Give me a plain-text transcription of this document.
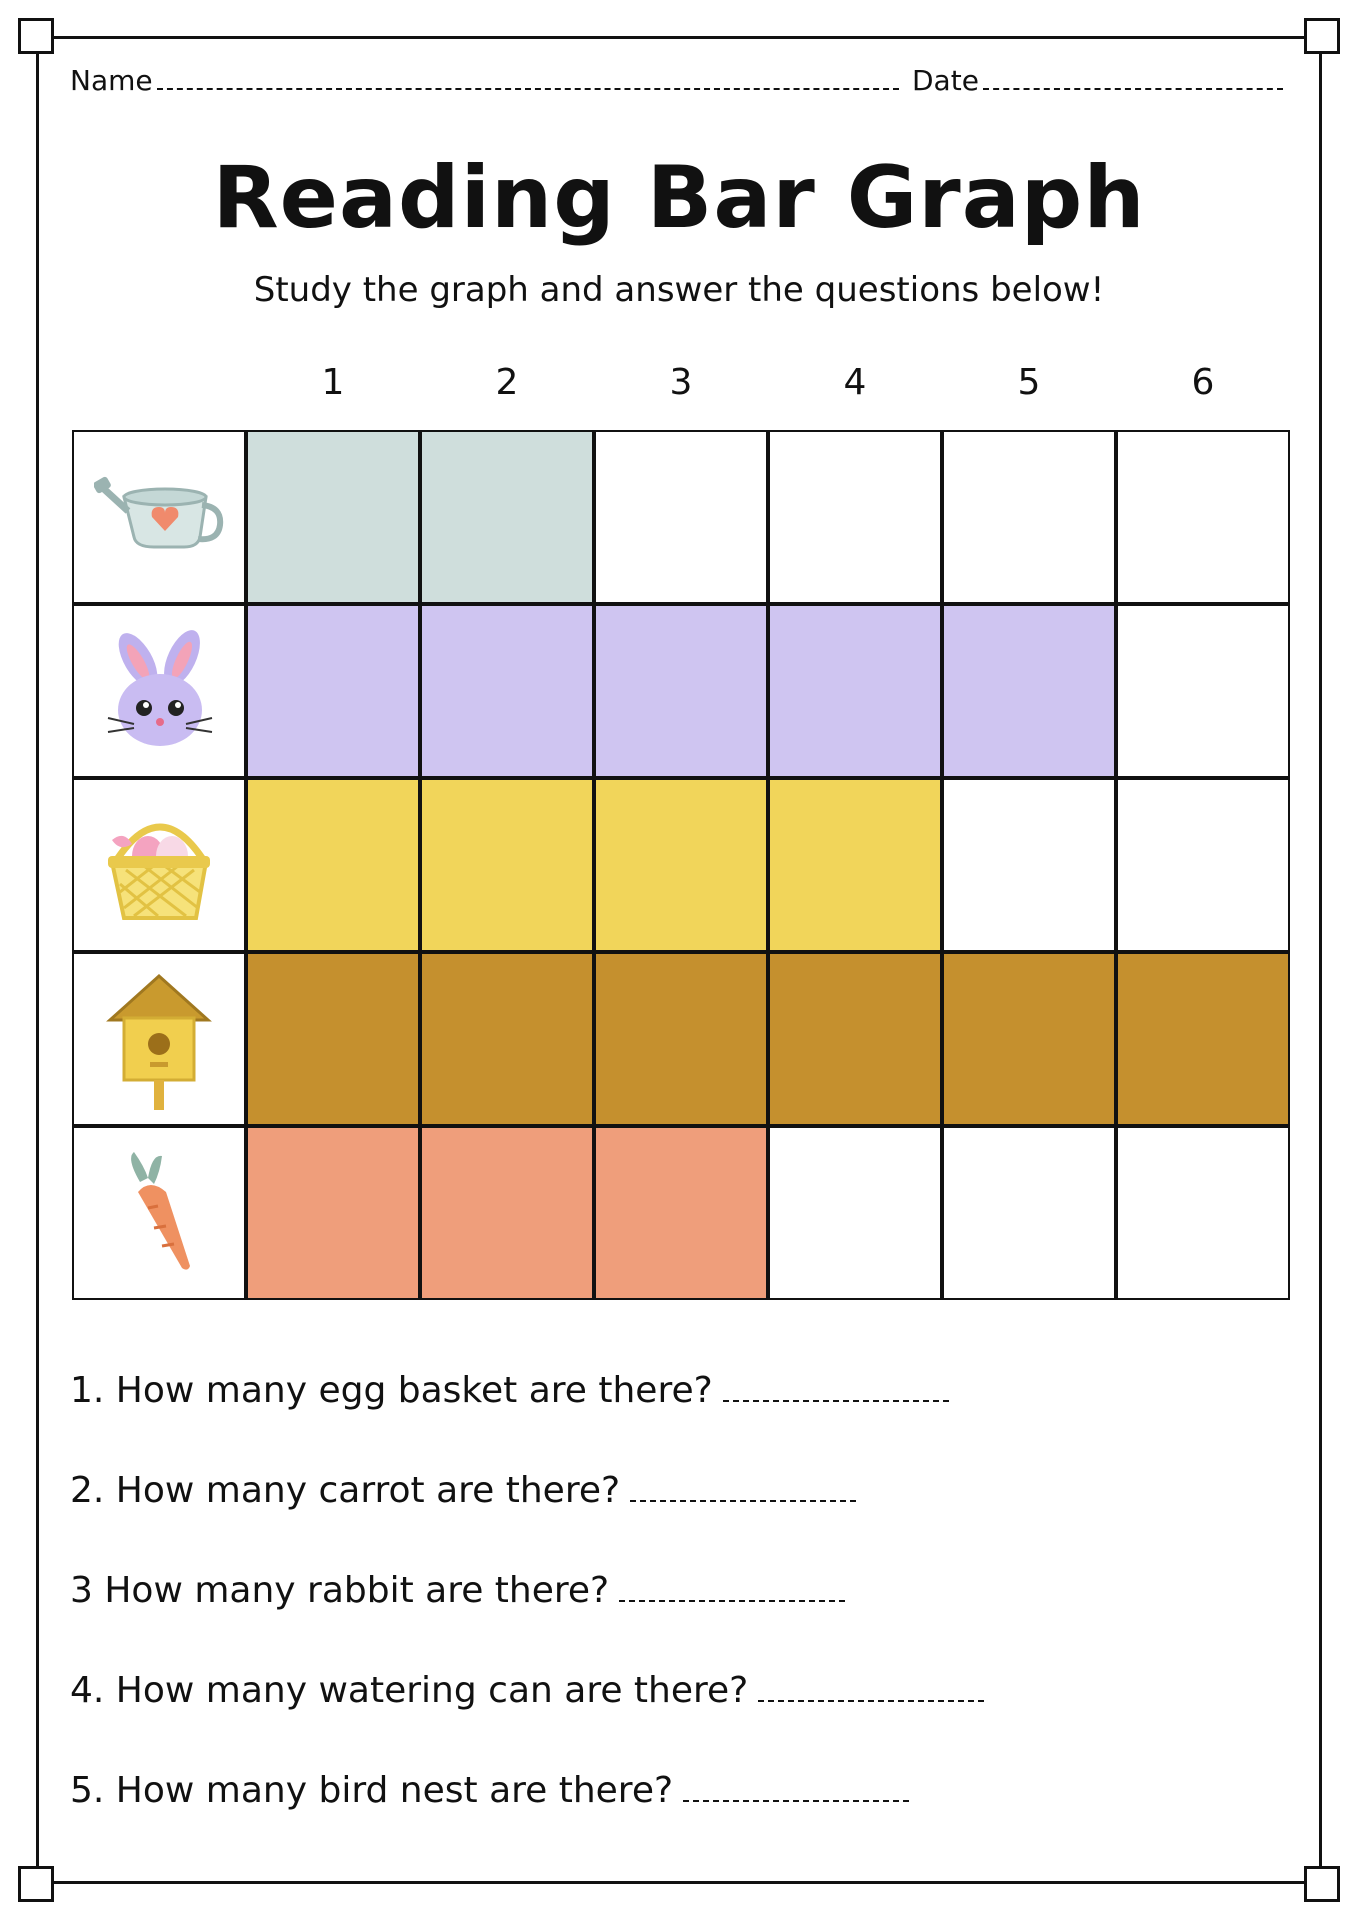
Name	Date
Reading Bar Graph
Study the graph and answer the questions below!
1	2	3	4	5	6
1. How many egg basket are there?
2. How many carrot are there?
3 How many rabbit are there?
4. How many watering can are there?
5. How many bird nest are there?
